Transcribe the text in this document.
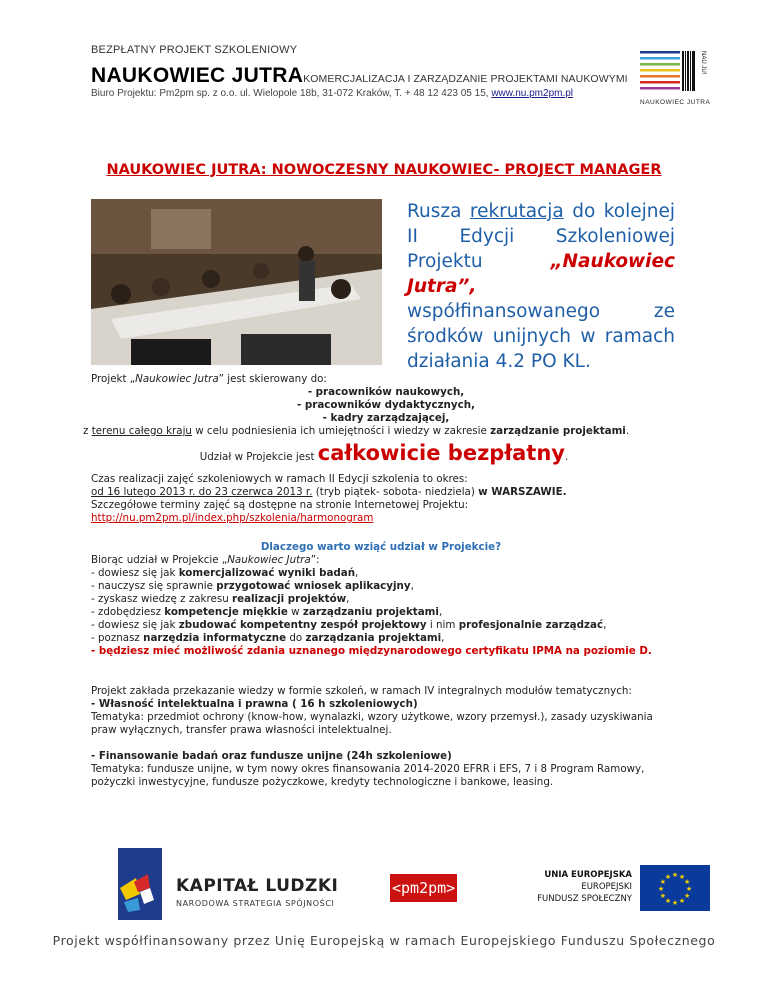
BEZPŁATNY PROJEKT SZKOLENIOWY
NAUKOWIEC JUTRAKOMERCJALIZACJA I ZARZĄDZANIE PROJEKTAMI NAUKOWYMI
Biuro Projektu: Pm2pm sp. z o.o. ul. Wielopole 18b, 31-072 Kraków, T. + 48 12 423 05 15, www.nu.pm2pm.pl
NAU JU!
NAUKOWIEC JUTRA
NAUKOWIEC JUTRA: NOWOCZESNY NAUKOWIEC- PROJECT MANAGER
Rusza rekrutacja do kolejnej II Edycji Szkoleniowej Projektu „Naukowiec Jutra”, współfinansowanego ze środków unijnych w ramach działania 4.2 PO KL.
Projekt „Naukowiec Jutra” jest skierowany do:
- pracowników naukowych,
- pracowników dydaktycznych,
- kadry zarządzającej,
z terenu całego kraju w celu podniesienia ich umiejętności i wiedzy w zakresie zarządzanie projektami.
Udział w Projekcie jest całkowicie bezpłatny.
Czas realizacji zajęć szkoleniowych w ramach II Edycji szkolenia to okres:
od 16 lutego 2013 r. do 23 czerwca 2013 r. (tryb piątek- sobota- niedziela) w WARSZAWIE.
Szczegółowe terminy zajęć są dostępne na stronie Internetowej Projektu:
http://nu.pm2pm.pl/index.php/szkolenia/harmonogram
Dlaczego warto wziąć udział w Projekcie?
Biorąc udział w Projekcie „Naukowiec Jutra”:
- dowiesz się jak komercjalizować wyniki badań,
- nauczysz się sprawnie przygotować wniosek aplikacyjny,
- zyskasz wiedzę z zakresu realizacji projektów,
- zdobędziesz kompetencje miękkie w zarządzaniu projektami,
- dowiesz się jak zbudować kompetentny zespół projektowy i nim profesjonalnie zarządzać,
- poznasz narzędzia informatyczne do zarządzania projektami,
- będziesz mieć możliwość zdania uznanego międzynarodowego certyfikatu IPMA na poziomie D.
Projekt zakłada przekazanie wiedzy w formie szkoleń, w ramach IV integralnych modułów tematycznych:
- Własność intelektualna i prawna ( 16 h szkoleniowych)
Tematyka: przedmiot ochrony (know-how, wynalazki, wzory użytkowe, wzory przemysł.), zasady uzyskiwania praw wyłącznych, transfer prawa własności intelektualnej.
- Finansowanie badań oraz fundusze unijne (24h szkoleniowe)
Tematyka: fundusze unijne, w tym nowy okres finansowania 2014-2020 EFRR i EFS, 7 i 8 Program Ramowy, pożyczki inwestycyjne, fundusze pożyczkowe, kredyty technologiczne i bankowe, leasing.
KAPITAŁ LUDZKI
NARODOWA STRATEGIA SPÓJNOŚCI
<pm2pm>
UNIA EUROPEJSKA
EUROPEJSKI
FUNDUSZ SPOŁECZNY
★
★
★
★
★
★
★
★
★ ★ ★
★
Projekt współfinansowany przez Unię Europejską w ramach Europejskiego Funduszu Społecznego
